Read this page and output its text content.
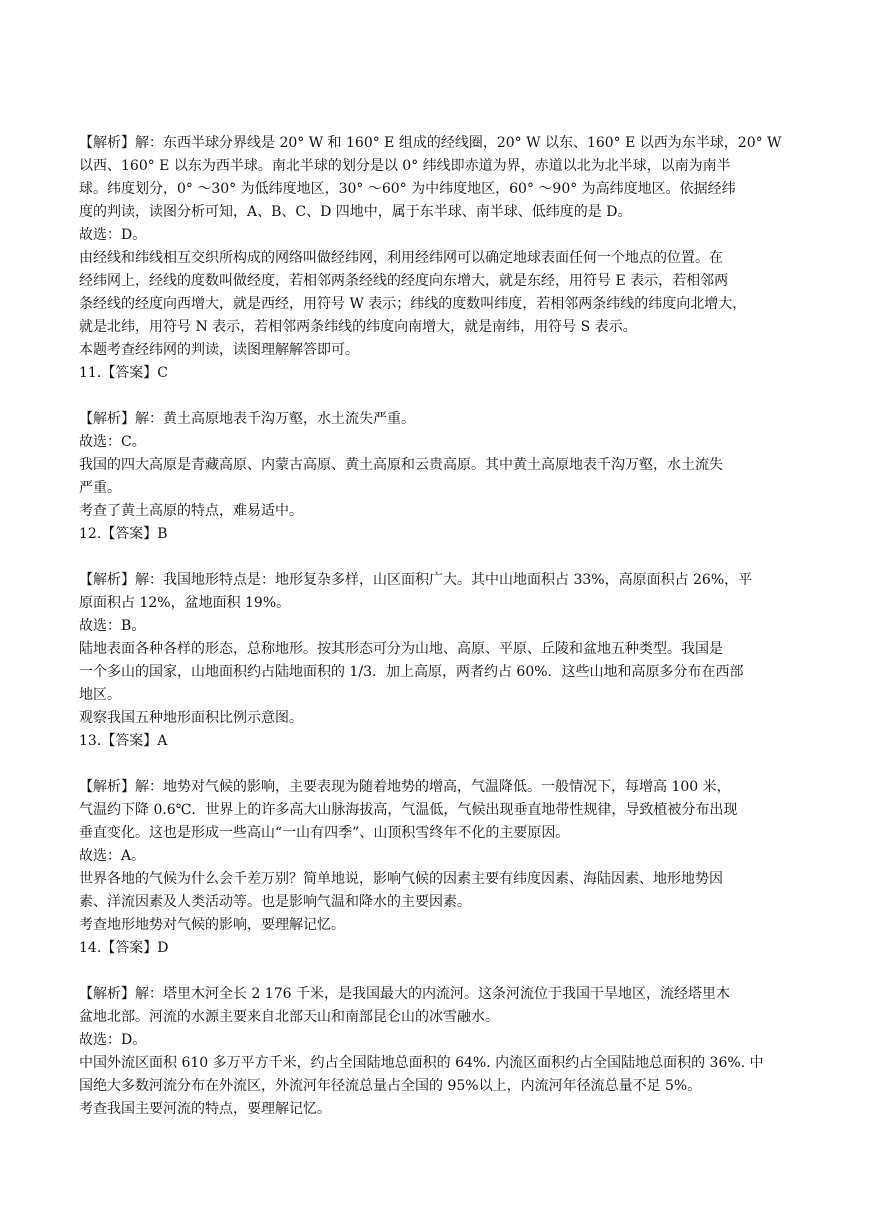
【解析】解：东西半球分界线是 20° W 和 160° E 组成的经线圈，20° W 以东、160° E 以西为东半球，20° W
以西、160° E 以东为西半球。南北半球的划分是以 0° 纬线即赤道为界，赤道以北为北半球，以南为南半
球。纬度划分，0° ～30° 为低纬度地区，30° ～60° 为中纬度地区，60° ～90° 为高纬度地区。依据经纬
度的判读，读图分析可知，A、B、C、D 四地中，属于东半球、南半球、低纬度的是 D。
故选：D。
由经线和纬线相互交织所构成的网络叫做经纬网，利用经纬网可以确定地球表面任何一个地点的位置。在
经纬网上，经线的度数叫做经度，若相邻两条经线的经度向东增大，就是东经，用符号 E 表示，若相邻两
条经线的经度向西增大，就是西经，用符号 W 表示；纬线的度数叫纬度，若相邻两条纬线的纬度向北增大，
就是北纬，用符号 N 表示，若相邻两条纬线的纬度向南增大，就是南纬，用符号 S 表示。
本题考查经纬网的判读，读图理解解答即可。
11.【答案】C
【解析】解：黄土高原地表千沟万壑，水土流失严重。
故选：C。
我国的四大高原是青藏高原、内蒙古高原、黄土高原和云贵高原。其中黄土高原地表千沟万壑，水土流失
严重。
考查了黄土高原的特点，难易适中。
12.【答案】B
【解析】解：我国地形特点是：地形复杂多样，山区面积广大。其中山地面积占 33%，高原面积占 26%，平
原面积占 12%，盆地面积 19%。
故选：B。
陆地表面各种各样的形态，总称地形。按其形态可分为山地、高原、平原、丘陵和盆地五种类型。我国是
一个多山的国家，山地面积约占陆地面积的 1/3．加上高原，两者约占 60%．这些山地和高原多分布在西部
地区。
观察我国五种地形面积比例示意图。
13.【答案】A
【解析】解：地势对气候的影响，主要表现为随着地势的增高，气温降低。一般情况下，每增高 100 米，
气温约下降 0.6℃．世界上的许多高大山脉海拔高，气温低，气候出现垂直地带性规律，导致植被分布出现
垂直变化。这也是形成一些高山“一山有四季”、山顶积雪终年不化的主要原因。
故选：A。
世界各地的气候为什么会千差万别？简单地说，影响气候的因素主要有纬度因素、海陆因素、地形地势因
素、洋流因素及人类活动等。也是影响气温和降水的主要因素。
考查地形地势对气候的影响，要理解记忆。
14.【答案】D
【解析】解：塔里木河全长 2 176 千米，是我国最大的内流河。这条河流位于我国干旱地区，流经塔里木
盆地北部。河流的水源主要来自北部天山和南部昆仑山的冰雪融水。
故选：D。
中国外流区面积 610 多万平方千米，约占全国陆地总面积的 64%. 内流区面积约占全国陆地总面积的 36%. 中
国绝大多数河流分布在外流区，外流河年径流总量占全国的 95%以上，内流河年径流总量不足 5%。
考查我国主要河流的特点，要理解记忆。
